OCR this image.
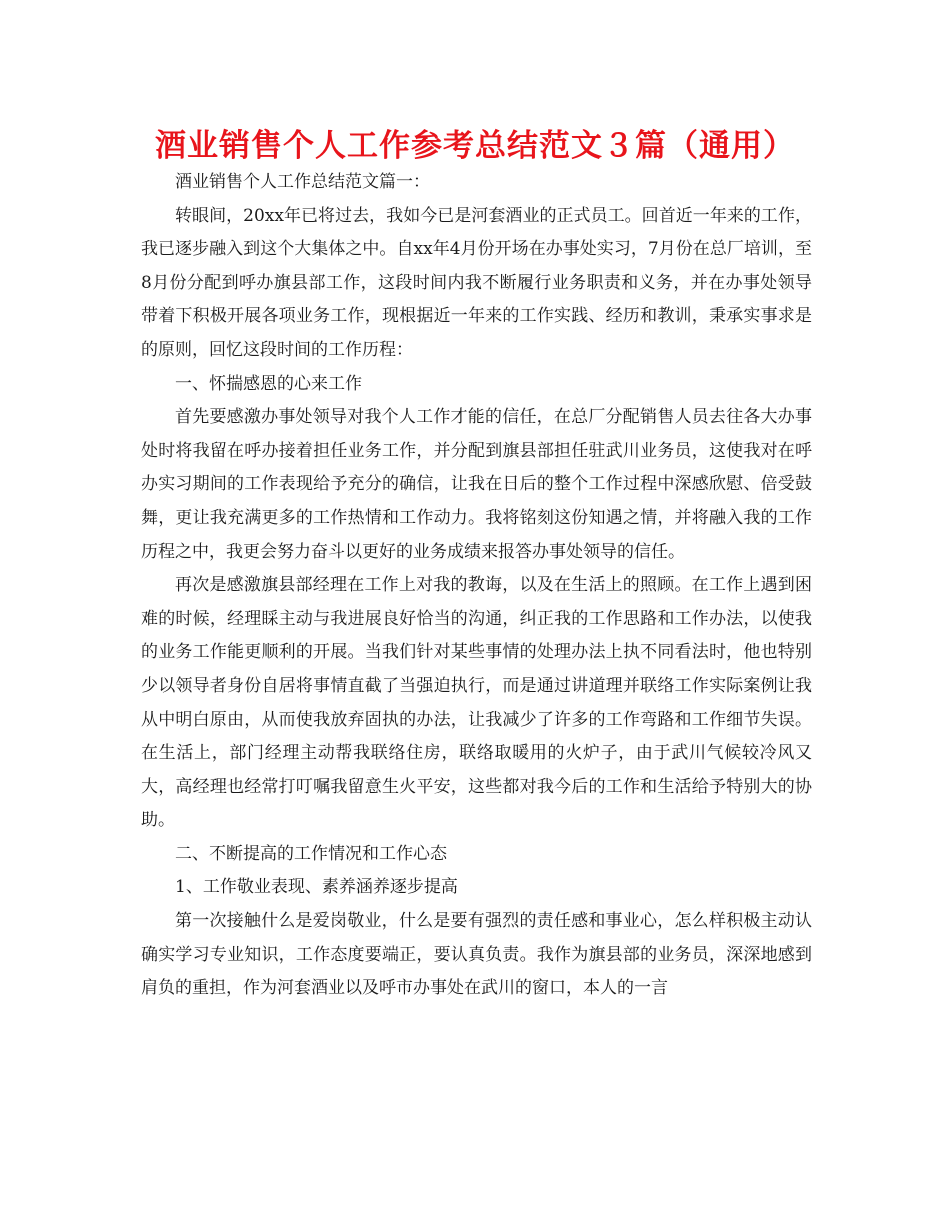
酒业销售个人工作参考总结范文３篇（通用）

酒业销售个人工作总结范文篇一：

转眼间，20xx年已将过去，我如今已是河套酒业的正式员工。回首近一年来的工作，我已逐步融入到这个大集体之中。自xx年4月份开场在办事处实习，7月份在总厂培训，至8月份分配到呼办旗县部工作，这段时间内我不断履行业务职责和义务，并在办事处领导带着下积极开展各项业务工作，现根据近一年来的工作实践、经历和教训，秉承实事求是的原则，回忆这段时间的工作历程：

一、怀揣感恩的心来工作

首先要感激办事处领导对我个人工作才能的信任，在总厂分配销售人员去往各大办事处时将我留在呼办接着担任业务工作，并分配到旗县部担任驻武川业务员，这使我对在呼办实习期间的工作表现给予充分的确信，让我在日后的整个工作过程中深感欣慰、倍受鼓舞，更让我充满更多的工作热情和工作动力。我将铭刻这份知遇之情，并将融入我的工作历程之中，我更会努力奋斗以更好的业务成绩来报答办事处领导的信任。

再次是感激旗县部经理在工作上对我的教诲，以及在生活上的照顾。在工作上遇到困难的时候，经理睬主动与我进展良好恰当的沟通，纠正我的工作思路和工作办法，以使我的业务工作能更顺利的开展。当我们针对某些事情的处理办法上执不同看法时，他也特别少以领导者身份自居将事情直截了当强迫执行，而是通过讲道理并联络工作实际案例让我从中明白原由，从而使我放弃固执的办法，让我减少了许多的工作弯路和工作细节失误。在生活上，部门经理主动帮我联络住房，联络取暖用的火炉子，由于武川气候较冷风又大，高经理也经常打叮嘱我留意生火平安，这些都对我今后的工作和生活给予特别大的协助。

二、不断提高的工作情况和工作心态

1、工作敬业表现、素养涵养逐步提高

第一次接触什么是爱岗敬业，什么是要有强烈的责任感和事业心，怎么样积极主动认确实学习专业知识，工作态度要端正，要认真负责。我作为旗县部的业务员，深深地感到肩负的重担，作为河套酒业以及呼市办事处在武川的窗口，本人的一言
